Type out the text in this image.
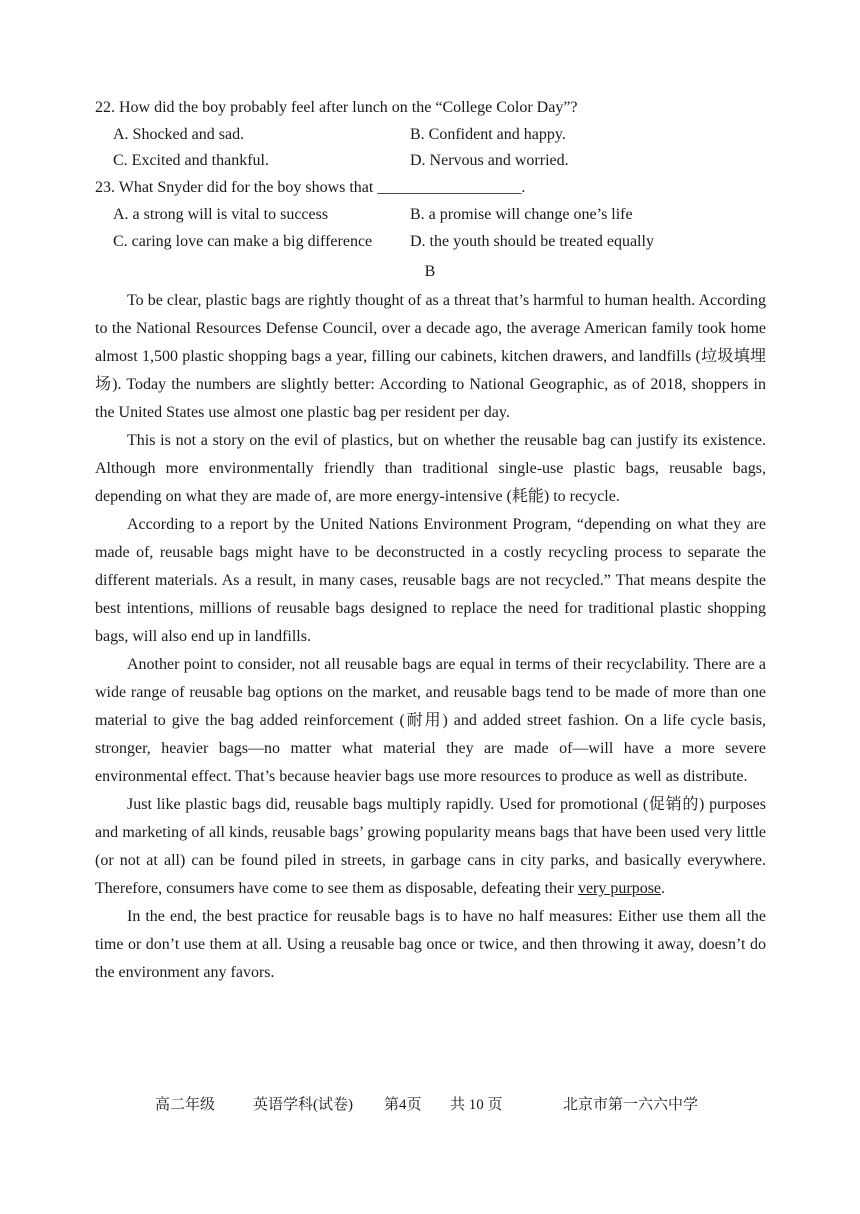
22. How did the boy probably feel after lunch on the “College Color Day”?
A. Shocked and sad.	B. Confident and happy.
C. Excited and thankful.	D. Nervous and worried.
23. What Snyder did for the boy shows that __________________.
A. a strong will is vital to success	B. a promise will change one’s life
C. caring love can make a big difference D. the youth should be treated equally
B

To be clear, plastic bags are rightly thought of as a threat that’s harmful to human health. According to the National Resources Defense Council, over a decade ago, the average American family took home almost 1,500 plastic shopping bags a year, filling our cabinets, kitchen drawers, and landfills (垃圾填埋场). Today the numbers are slightly better: According to National Geographic, as of 2018, shoppers in the United States use almost one plastic bag per resident per day.

This is not a story on the evil of plastics, but on whether the reusable bag can justify its existence. Although more environmentally friendly than traditional single-use plastic bags, reusable bags, depending on what they are made of, are more energy-intensive (耗能) to recycle.

According to a report by the United Nations Environment Program, “depending on what they are made of, reusable bags might have to be deconstructed in a costly recycling process to separate the different materials. As a result, in many cases, reusable bags are not recycled.” That means despite the best intentions, millions of reusable bags designed to replace the need for traditional plastic shopping bags, will also end up in landfills.

Another point to consider, not all reusable bags are equal in terms of their recyclability. There are a wide range of reusable bag options on the market, and reusable bags tend to be made of more than one material to give the bag added reinforcement (耐用) and added street fashion. On a life cycle basis, stronger, heavier bags—no matter what material they are made of—will have a more severe environmental effect. That’s because heavier bags use more resources to produce as well as distribute.

Just like plastic bags did, reusable bags multiply rapidly. Used for promotional (促销的) purposes and marketing of all kinds, reusable bags’ growing popularity means bags that have been used very little (or not at all) can be found piled in streets, in garbage cans in city parks, and basically everywhere. Therefore, consumers have come to see them as disposable, defeating their very purpose.

In the end, the best practice for reusable bags is to have no half measures: Either use them all the time or don’t use them at all. Using a reusable bag once or twice, and then throwing it away, doesn’t do the environment any favors.

高二年级	英语学科(试卷) 第4页 共 10 页	北京市第一六六中学
